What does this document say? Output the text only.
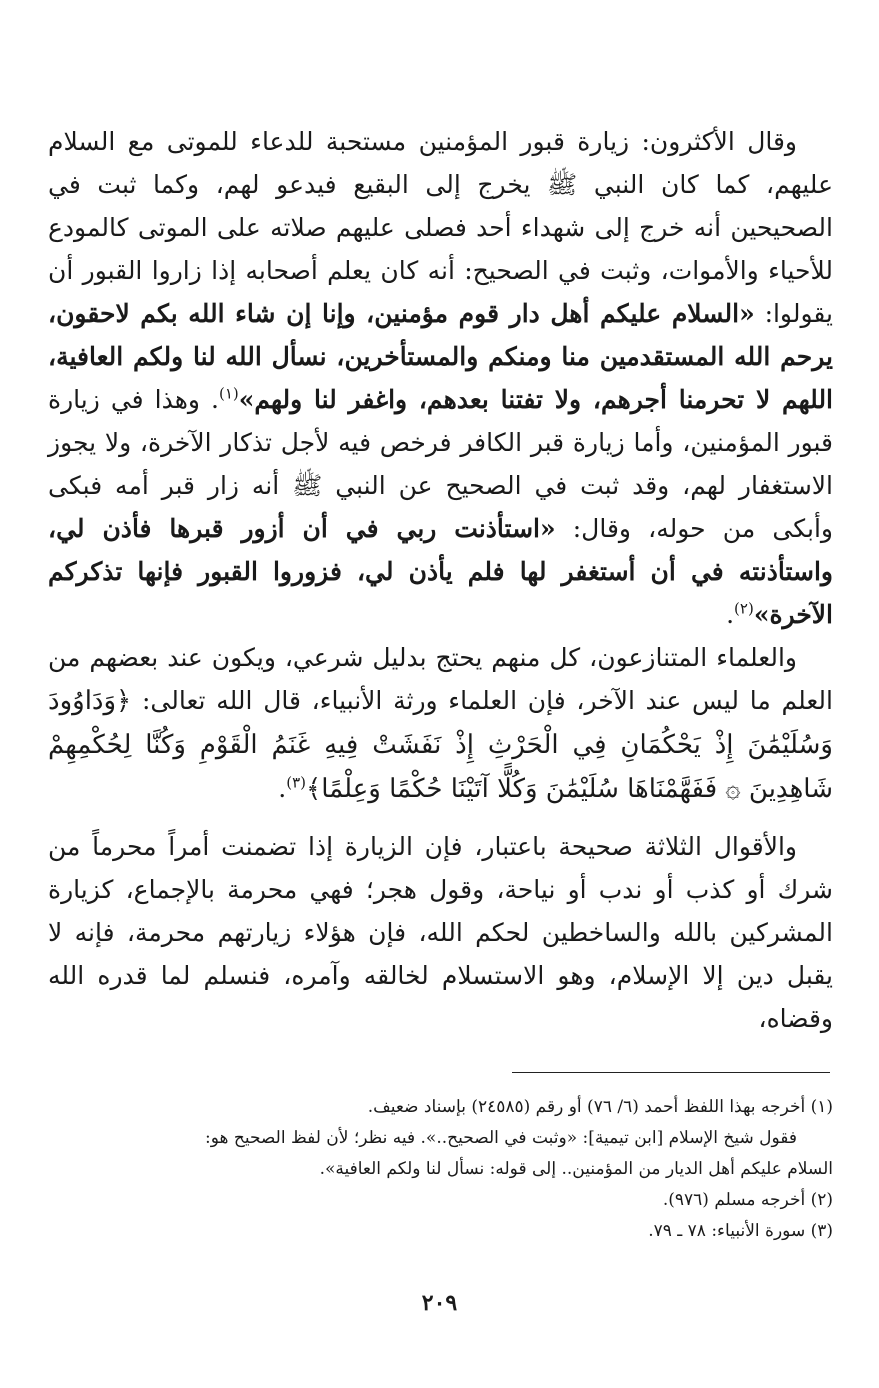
وقال الأكثرون: زيارة قبور المؤمنين مستحبة للدعاء للموتى مع السلام عليهم، كما كان النبي ﷺ يخرج إلى البقيع فيدعو لهم، وكما ثبت في الصحيحين أنه خرج إلى شهداء أحد فصلى عليهم صلاته على الموتى كالمودع للأحياء والأموات، وثبت في الصحيح: أنه كان يعلم أصحابه إذا زاروا القبور أن يقولوا: «السلام عليكم أهل دار قوم مؤمنين، وإنا إن شاء الله بكم لاحقون، يرحم الله المستقدمين منا ومنكم والمستأخرين، نسأل الله لنا ولكم العافية، اللهم لا تحرمنا أجرهم، ولا تفتنا بعدهم، واغفر لنا ولهم»$^{(١)}$. وهذا في زيارة قبور المؤمنين، وأما زيارة قبر الكافر فرخص فيه لأجل تذكار الآخرة، ولا يجوز الاستغفار لهم، وقد ثبت في الصحيح عن النبي ﷺ أنه زار قبر أمه فبكى وأبكى من حوله، وقال: «استأذنت ربي في أن أزور قبرها فأذن لي، واستأذنته في أن أستغفر لها فلم يأذن لي، فزوروا القبور فإنها تذكركم الآخرة»$^{(٢)}$.

والعلماء المتنازعون، كل منهم يحتج بدليل شرعي، ويكون عند بعضهم من العلم ما ليس عند الآخر، فإن العلماء ورثة الأنبياء، قال الله تعالى: ﴿وَدَاوُودَ وَسُلَيْمَٰنَ إِذْ يَحْكُمَانِ فِي الْحَرْثِ إِذْ نَفَشَتْ فِيهِ غَنَمُ الْقَوْمِ وَكُنَّا لِحُكْمِهِمْ شَاهِدِينَ ۞ فَفَهَّمْنَاهَا سُلَيْمَٰنَ وَكُلًّا آتَيْنَا حُكْمًا وَعِلْمًا﴾$^{(٣)}$.

والأقوال الثلاثة صحيحة باعتبار، فإن الزيارة إذا تضمنت أمراً محرماً من شرك أو كذب أو ندب أو نياحة، وقول هجر؛ فهي محرمة بالإجماع، كزيارة المشركين بالله والساخطين لحكم الله، فإن هؤلاء زيارتهم محرمة، فإنه لا يقبل دين إلا الإسلام، وهو الاستسلام لخالقه وآمره، فنسلم لما قدره الله وقضاه،

(١) أخرجه بهذا اللفظ أحمد (٦/ ٧٦) أو رقم (٢٤٥٨٥) بإسناد ضعيف.

فقول شيخ الإسلام [ابن تيمية]: «وثبت في الصحيح..». فيه نظر؛ لأن لفظ الصحيح هو:

السلام عليكم أهل الديار من المؤمنين.. إلى قوله: نسأل لنا ولكم العافية».

(٢) أخرجه مسلم (٩٧٦).

(٣) سورة الأنبياء: ٧٨ ـ ٧٩.

٢٠٩
